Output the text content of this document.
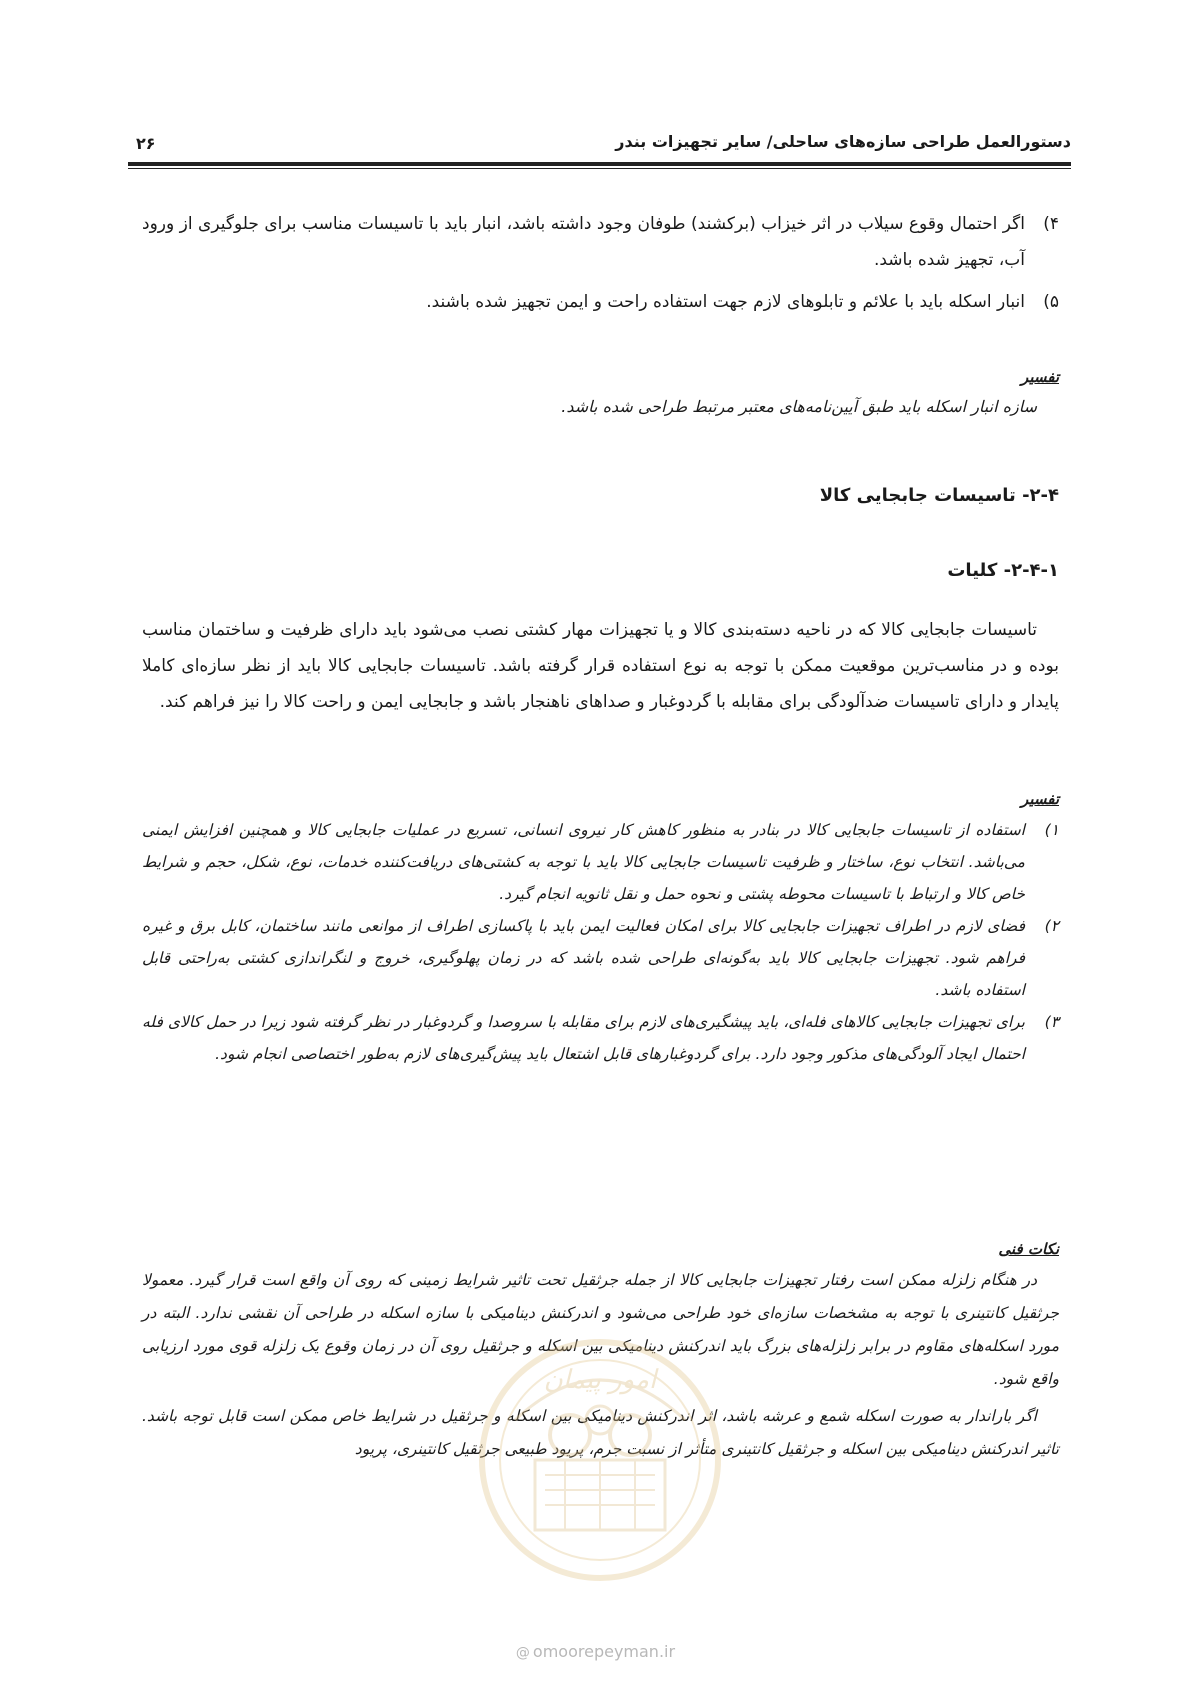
۲۶	دستورالعمل طراحی سازه‌های ساحلی/ سایر تجهیزات بندر
۴)
اگر احتمال وقوع سیلاب در اثر خیزاب (برکشند) طوفان وجود داشته باشد، انبار باید با تاسیسات مناسب برای جلوگیری از ورود آب، تجهیز شده باشد.
۵)
انبار اسکله باید با علائم و تابلوهای لازم جهت استفاده راحت و ایمن تجهیز شده باشند.
تفسیر
سازه انبار اسکله باید طبق آیین‌نامه‌های معتبر مرتبط طراحی شده باشد.
۲-۴- تاسیسات جابجایی کالا
۲-۴-۱- کلیات
تاسیسات جابجایی کالا که در ناحیه دسته‌بندی کالا و یا تجهیزات مهار کشتی نصب می‌شود باید دارای ظرفیت و ساختمان مناسب بوده و در مناسب‌ترین موقعیت ممکن با توجه به نوع استفاده قرار گرفته باشد. تاسیسات جابجایی کالا باید از نظر سازه‌ای کاملا پایدار و دارای تاسیسات ضدآلودگی برای مقابله با گردوغبار و صداهای ناهنجار باشد و جابجایی ایمن و راحت کالا را نیز فراهم کند.
تفسیر
۱)
استفاده از تاسیسات جابجایی کالا در بنادر به منظور کاهش کار نیروی انسانی، تسریع در عملیات جابجایی کالا و همچنین افزایش ایمنی می‌باشد. انتخاب نوع، ساختار و ظرفیت تاسیسات جابجایی کالا باید با توجه به کشتی‌های دریافت‌کننده خدمات، نوع، شکل، حجم و شرایط خاص کالا و ارتباط با تاسیسات محوطه پشتی و نحوه حمل و نقل ثانویه انجام گیرد.
۲)
فضای لازم در اطراف تجهیزات جابجایی کالا برای امکان فعالیت ایمن باید با پاکسازی اطراف از موانعی مانند ساختمان، کابل برق و غیره فراهم شود. تجهیزات جابجایی کالا باید به‌گونه‌ای طراحی شده باشد که در زمان پهلوگیری، خروج و لنگراندازی کشتی به‌راحتی قابل استفاده باشد.
۳)
برای تجهیزات جابجایی کالاهای فله‌ای، باید پیشگیری‌های لازم برای مقابله با سروصدا و گردوغبار در نظر گرفته شود زیرا در حمل کالای فله احتمال ایجاد آلودگی‌های مذکور وجود دارد. برای گردوغبارهای قابل اشتعال باید پیش‌گیری‌های لازم به‌طور اختصاصی انجام شود.
نکات فنی
در هنگام زلزله ممکن است رفتار تجهیزات جابجایی کالا از جمله جرثقیل تحت تاثیر شرایط زمینی که روی آن واقع است قرار گیرد. معمولا جرثقیل کانتینری با توجه به مشخصات سازه‌ای خود طراحی می‌شود و اندرکنش دینامیکی با سازه اسکله در طراحی آن نقشی ندارد. البته در مورد اسکله‌های مقاوم در برابر زلزله‌های بزرگ باید اندرکنش دینامیکی بین اسکله و جرثقیل روی آن در زمان وقوع یک زلزله قوی مورد ارزیابی واقع شود.
اگر باراندار به صورت اسکله شمع و عرشه باشد، اثر اندرکنش دینامیکی بین اسکله و جرثقیل در شرایط خاص ممکن است قابل توجه باشد. تاثیر اندرکنش دینامیکی بین اسکله و جرثقیل کانتینری متأثر از نسبت جرم، پریود طبیعی جرثقیل کانتینری، پریود
امور پیمان
@ omoorepeyman.ir
